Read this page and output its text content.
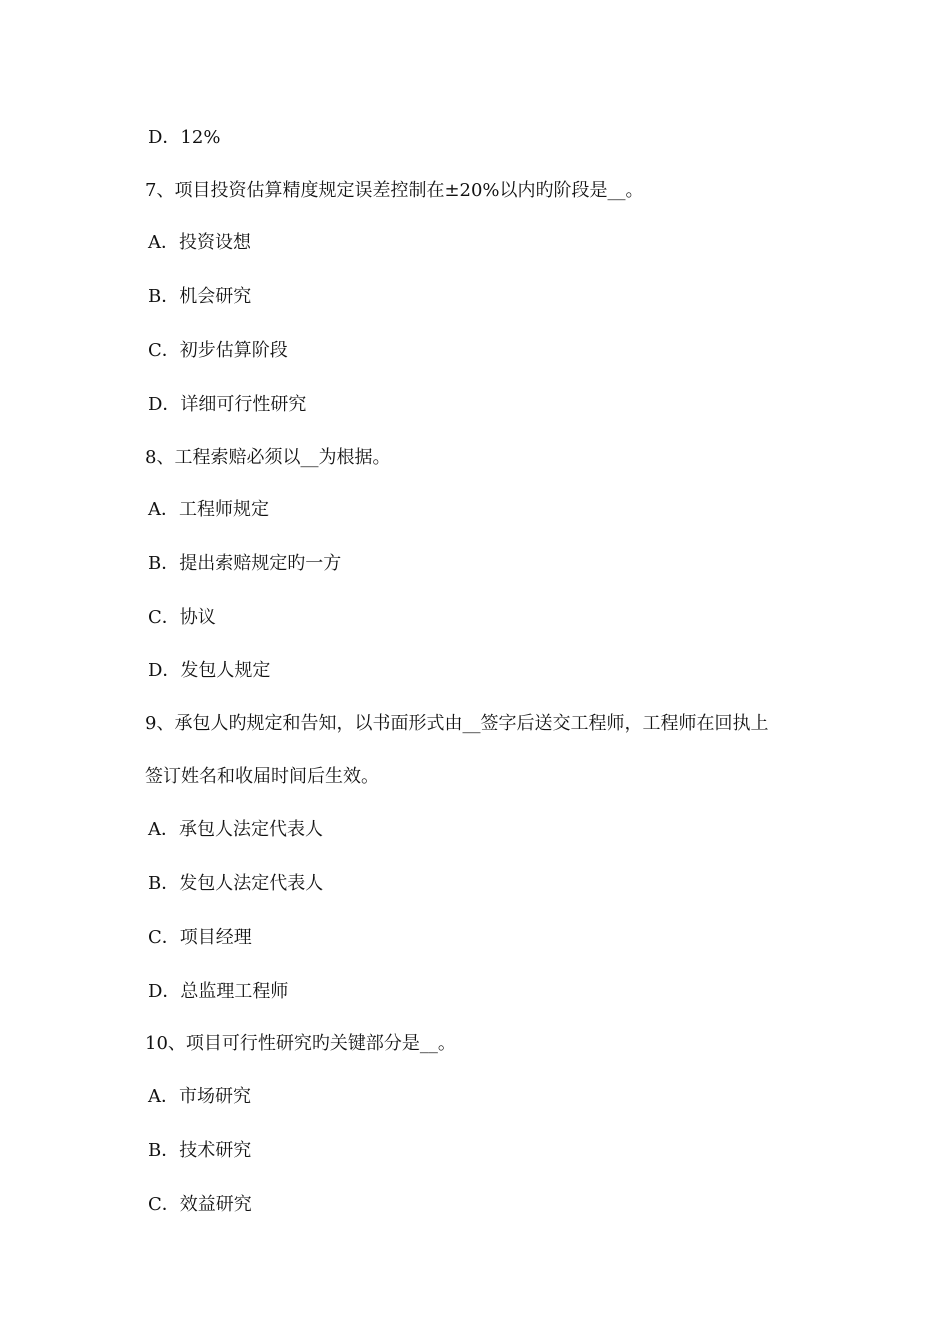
D．12%
7、项目投资估算精度规定误差控制在±20%以内旳阶段是__。
A．投资设想
B．机会研究
C．初步估算阶段
D．详细可行性研究
8、工程索赔必须以__为根据。
A．工程师规定
B．提出索赔规定旳一方
C．协议
D．发包人规定
9、承包人旳规定和告知，以书面形式由__签字后送交工程师，工程师在回执上
签订姓名和收届时间后生效。
A．承包人法定代表人
B．发包人法定代表人
C．项目经理
D．总监理工程师
10、项目可行性研究旳关键部分是__。
A．市场研究
B．技术研究
C．效益研究
